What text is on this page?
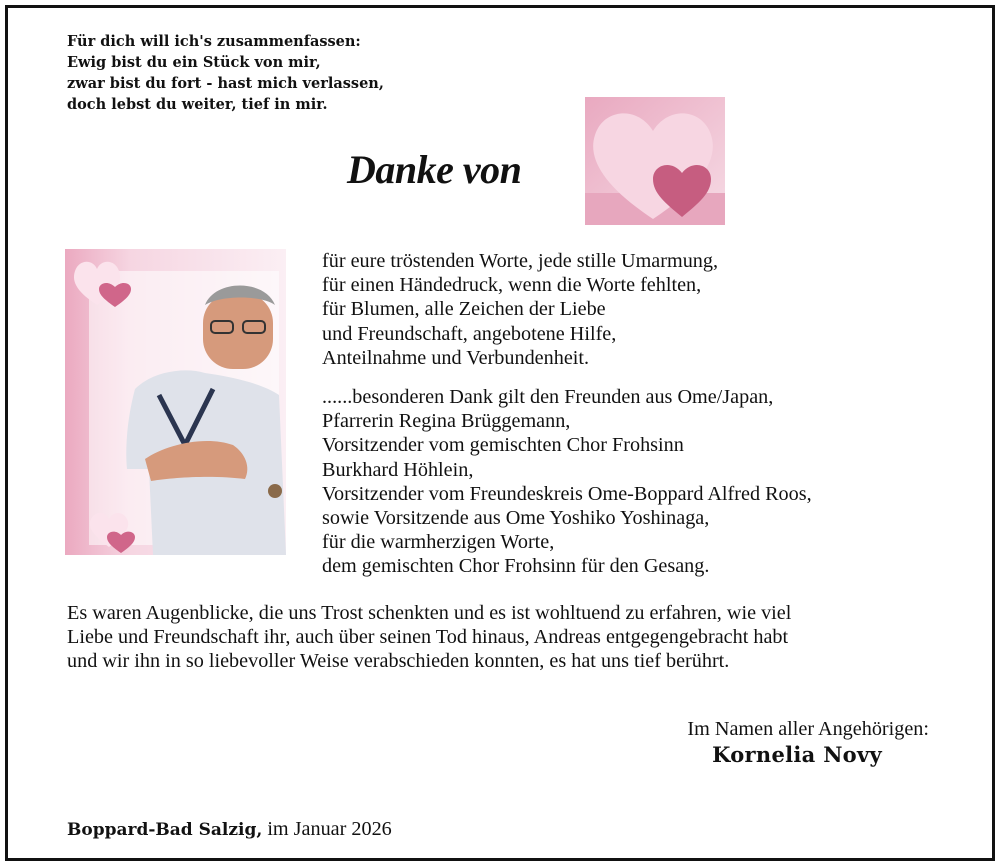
Für dich will ich's zusammenfassen:
Ewig bist du ein Stück von mir,
zwar bist du fort - hast mich verlassen,
doch lebst du weiter, tief in mir.
Danke von
für eure tröstenden Worte, jede stille Umarmung,
für einen Händedruck, wenn die Worte fehlten,
für Blumen, alle Zeichen der Liebe
und Freundschaft, angebotene Hilfe,
Anteilnahme und Verbundenheit.
......besonderen Dank gilt den Freunden aus Ome/Japan,
Pfarrerin Regina Brüggemann,
Vorsitzender vom gemischten Chor Frohsinn
Burkhard Höhlein,
Vorsitzender vom Freundeskreis Ome-Boppard Alfred Roos,
sowie Vorsitzende aus Ome Yoshiko Yoshinaga,
für die warmherzigen Worte,
dem gemischten Chor Frohsinn für den Gesang.
Es waren Augenblicke, die uns Trost schenkten und es ist wohltuend zu erfahren, wie viel
Liebe und Freundschaft ihr, auch über seinen Tod hinaus, Andreas entgegengebracht habt
und wir ihn in so liebevoller Weise verabschieden konnten, es hat uns tief berührt.
Im Namen aller Angehörigen:
Kornelia Novy
Boppard-Bad Salzig, im Januar 2026
